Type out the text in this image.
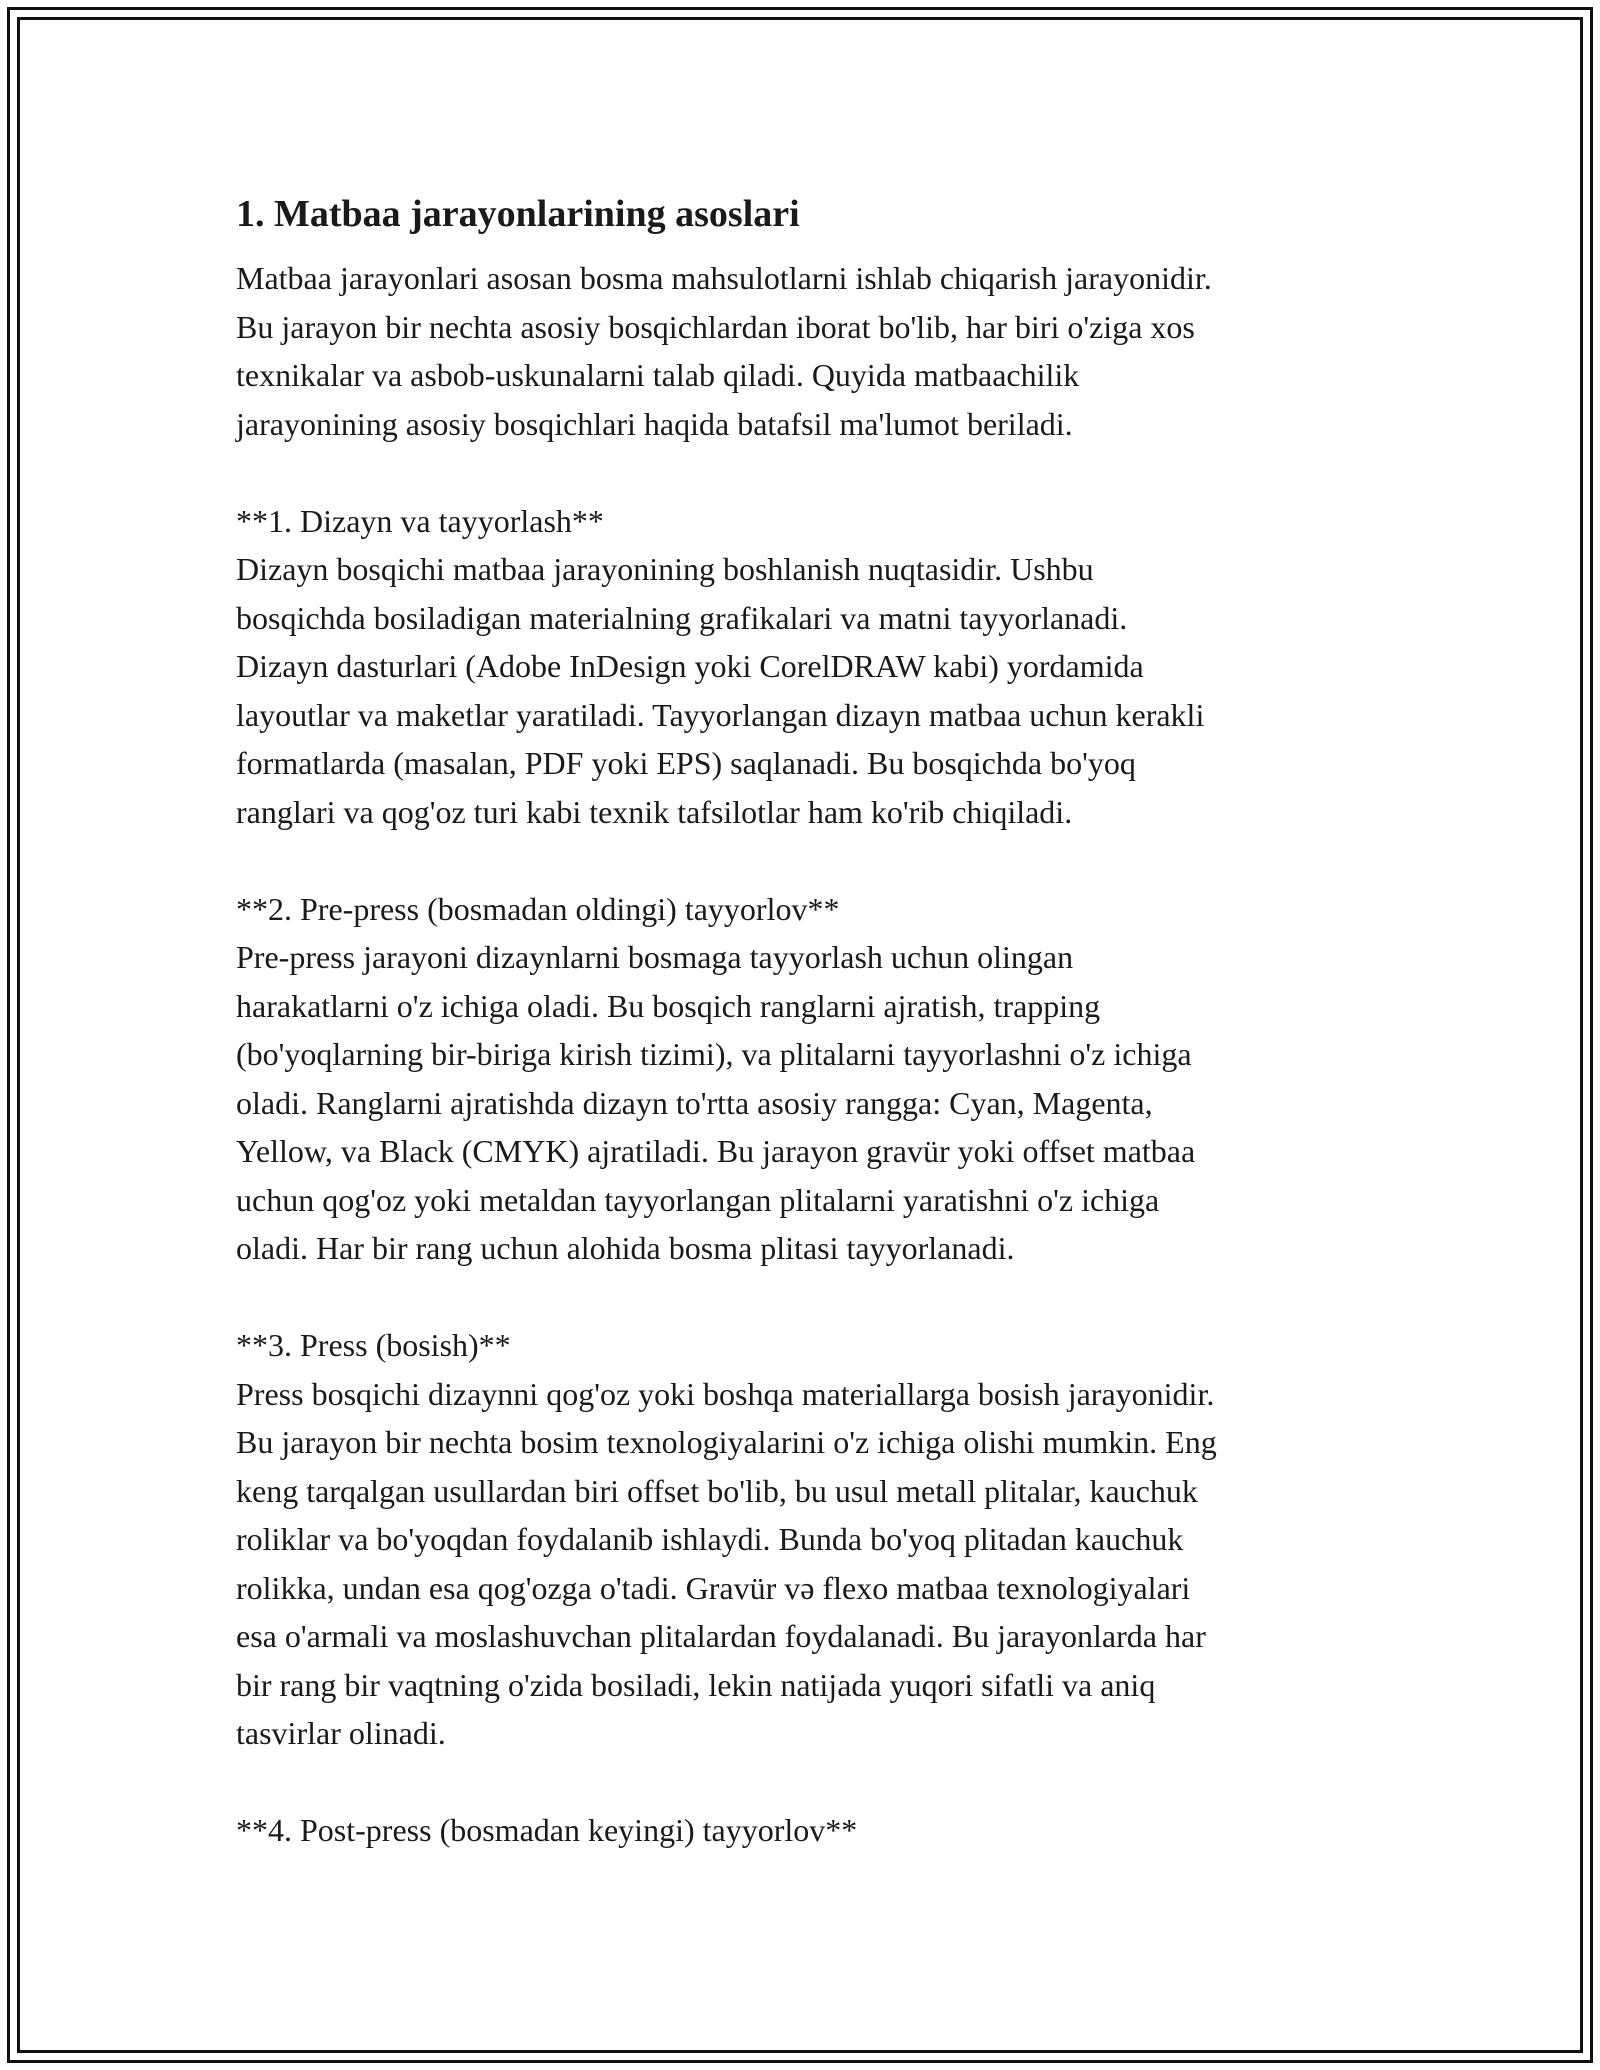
1. Matbaa jarayonlarining asoslari

Matbaa jarayonlari asosan bosma mahsulotlarni ishlab chiqarish jarayonidir.
Bu jarayon bir nechta asosiy bosqichlardan iborat bo'lib, har biri o'ziga xos
texnikalar va asbob-uskunalarni talab qiladi. Quyida matbaachilik
jarayonining asosiy bosqichlari haqida batafsil ma'lumot beriladi.

**1. Dizayn va tayyorlash**

Dizayn bosqichi matbaa jarayonining boshlanish nuqtasidir. Ushbu
bosqichda bosiladigan materialning grafikalari va matni tayyorlanadi.
Dizayn dasturlari (Adobe InDesign yoki CorelDRAW kabi) yordamida
layoutlar va maketlar yaratiladi. Tayyorlangan dizayn matbaa uchun kerakli
formatlarda (masalan, PDF yoki EPS) saqlanadi. Bu bosqichda bo'yoq
ranglari va qog'oz turi kabi texnik tafsilotlar ham ko'rib chiqiladi.

**2. Pre-press (bosmadan oldingi) tayyorlov**

Pre-press jarayoni dizaynlarni bosmaga tayyorlash uchun olingan
harakatlarni o'z ichiga oladi. Bu bosqich ranglarni ajratish, trapping
(bo'yoqlarning bir-biriga kirish tizimi), va plitalarni tayyorlashni o'z ichiga
oladi. Ranglarni ajratishda dizayn to'rtta asosiy rangga: Cyan, Magenta,
Yellow, va Black (CMYK) ajratiladi. Bu jarayon gravür yoki offset matbaa
uchun qog'oz yoki metaldan tayyorlangan plitalarni yaratishni o'z ichiga
oladi. Har bir rang uchun alohida bosma plitasi tayyorlanadi.

**3. Press (bosish)**

Press bosqichi dizaynni qog'oz yoki boshqa materiallarga bosish jarayonidir.
Bu jarayon bir nechta bosim texnologiyalarini o'z ichiga olishi mumkin. Eng
keng tarqalgan usullardan biri offset bo'lib, bu usul metall plitalar, kauchuk
roliklar va bo'yoqdan foydalanib ishlaydi. Bunda bo'yoq plitadan kauchuk
rolikka, undan esa qog'ozga o'tadi. Gravür və flexo matbaa texnologiyalari
esa o'armali va moslashuvchan plitalardan foydalanadi. Bu jarayonlarda har
bir rang bir vaqtning o'zida bosiladi, lekin natijada yuqori sifatli va aniq
tasvirlar olinadi.

**4. Post-press (bosmadan keyingi) tayyorlov**
